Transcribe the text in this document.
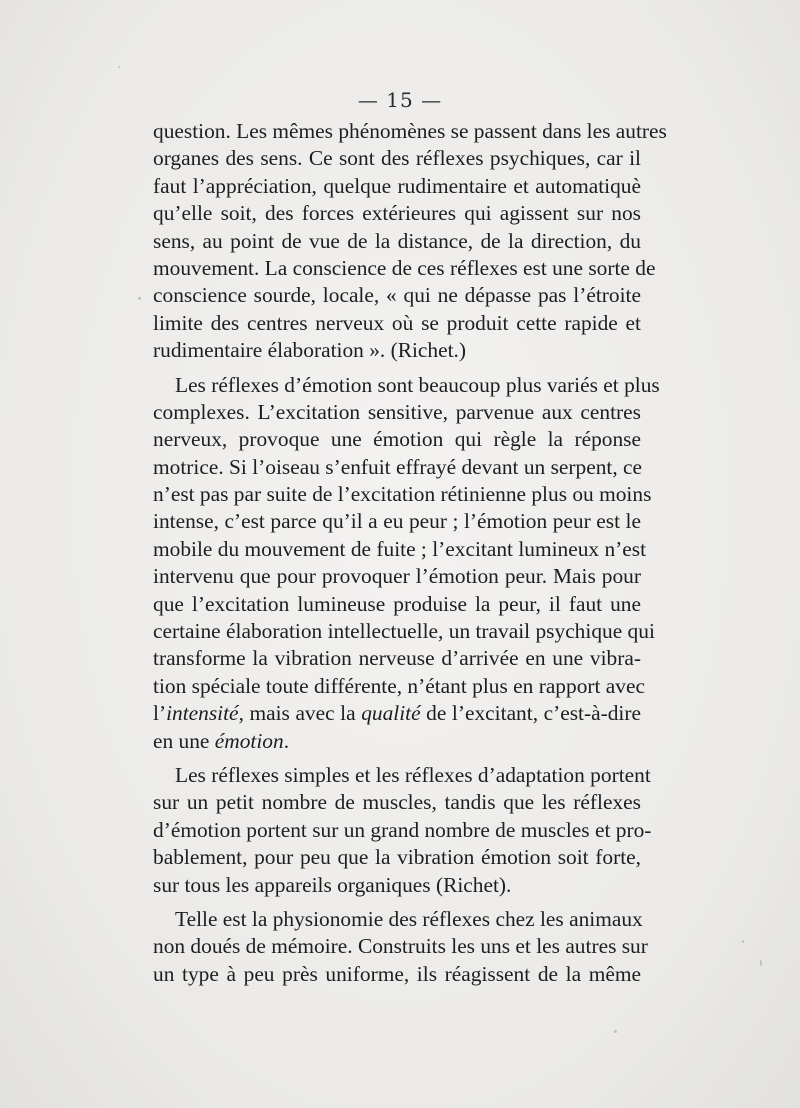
— 15 —
question. Les mêmes phénomènes se passent dans les autres
organes des sens. Ce sont des réflexes psychiques, car il
faut l’appréciation, quelque rudimentaire et automatiquè
qu’elle soit, des forces extérieures qui agissent sur nos
sens, au point de vue de la distance, de la direction, du
mouvement. La conscience de ces réflexes est une sorte de
conscience sourde, locale, « qui ne dépasse pas l’étroite
limite des centres nerveux où se produit cette rapide et
rudimentaire élaboration ». (Richet.)
Les réflexes d’émotion sont beaucoup plus variés et plus
complexes. L’excitation sensitive, parvenue aux centres
nerveux, provoque une émotion qui règle la réponse
motrice. Si l’oiseau s’enfuit effrayé devant un serpent, ce
n’est pas par suite de l’excitation rétinienne plus ou moins
intense, c’est parce qu’il a eu peur ; l’émotion peur est le
mobile du mouvement de fuite ; l’excitant lumineux n’est
intervenu que pour provoquer l’émotion peur. Mais pour
que l’excitation lumineuse produise la peur, il faut une
certaine élaboration intellectuelle, un travail psychique qui
transforme la vibration nerveuse d’arrivée en une vibra-
tion spéciale toute différente, n’étant plus en rapport avec
l’intensité, mais avec la qualité de l’excitant, c’est-à-dire
en une émotion.
Les réflexes simples et les réflexes d’adaptation portent
sur un petit nombre de muscles, tandis que les réflexes
d’émotion portent sur un grand nombre de muscles et pro-
bablement, pour peu que la vibration émotion soit forte,
sur tous les appareils organiques (Richet).
Telle est la physionomie des réflexes chez les animaux
non doués de mémoire. Construits les uns et les autres sur
un type à peu près uniforme, ils réagissent de la même
